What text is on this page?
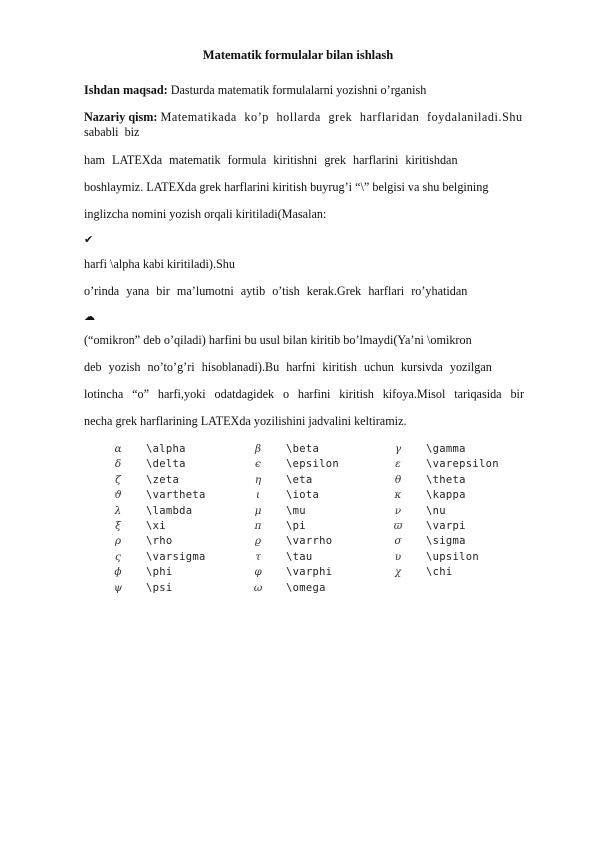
Matematik formulalar bilan ishlash
Ishdan maqsad: Dasturda matematik formulalarni yozishni o’rganish
Nazariy qism: Matematikada ko’p hollarda grek harflaridan foydalaniladi.Shu
sababli biz
ham LATEXda matematik formula kiritishni grek harflarini kiritishdan
boshlaymiz. LATEXda grek harflarini kiritish buyrug’i “\” belgisi va shu belgining
inglizcha nomini yozish orqali kiritiladi(Masalan:
✔
harfi \alpha kabi kiritiladi).Shu
o’rinda yana bir ma’lumotni aytib o’tish kerak.Grek harflari ro’yhatidan
☁
(“omikron” deb o’qiladi) harfini bu usul bilan kiritib bo’lmaydi(Ya’ni \omikron
deb yozish no’to’g’ri hisoblanadi).Bu harfni kiritish uchun kursivda yozilgan
lotincha “o” harfi,yoki odatdagidek o harfini kiritish kifoya.Misol tariqasida bir
necha grek harflarining LATEXda yozilishini jadvalini keltiramiz.
α	\alpha	β	\beta	γ	\gamma
δ	\delta	ϵ	\epsilon	ε	\varepsilon
ζ	\zeta	η	\eta	θ	\theta
ϑ	\vartheta	ι	\iota	κ	\kappa
λ	\lambda	μ	\mu	ν	\nu
ξ	\xi	π	\pi	ϖ	\varpi
ρ	\rho	ϱ	\varrho	σ	\sigma
ς	\varsigma	τ	\tau	υ	\upsilon
ϕ	\phi	φ	\varphi	χ	\chi
ψ	\psi	ω	\omega
